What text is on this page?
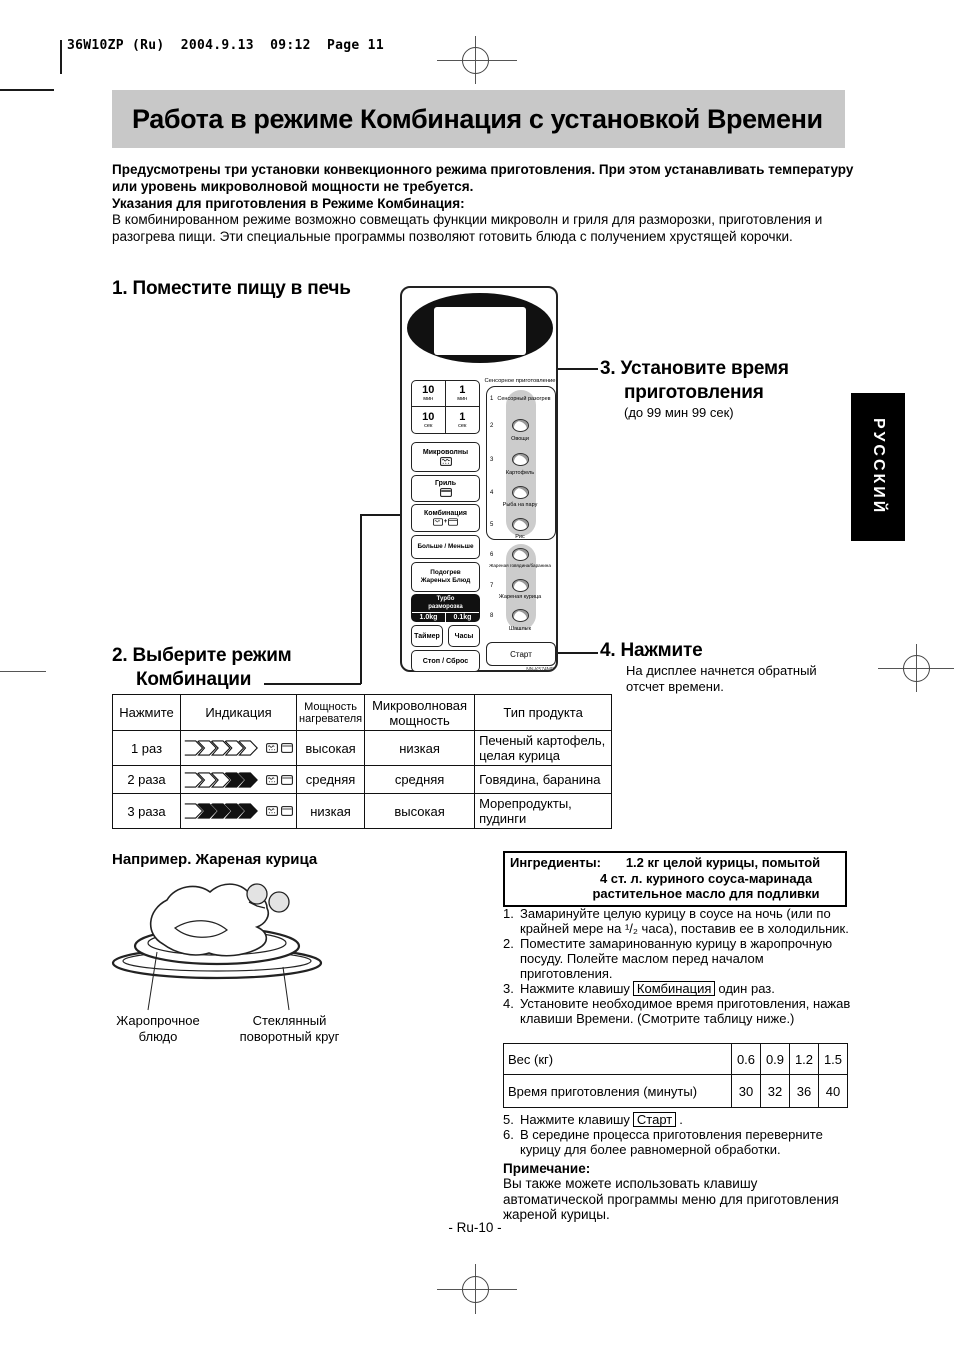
36W10ZP (Ru)  2004.9.13  09:12  Page 11
Работа в режиме Комбинация с установкой Времени

Предусмотрены три установки конвекционного режима приготовления. При этом устанавливать температуру или уровень микроволновой мощности не требуется.

Указания для приготовления в Режиме Комбинация:

В комбинированном режиме возможно совмещать функции микроволн и гриля для разморозки, приготовления и разогрева пищи. Эти специальные программы позволяют готовить блюда с получением хрустящей корочки.

1. Поместите пищу в печь
3. Установите время
приготовления
(до 99 мин 99 сек)
2. Выберите режим
Комбинации
4. Нажмите
На дисплее начнется обратный
отсчет времени.
10
мин
1
мин
10
сек
1
сек
Микроволны
Гриль
Комбинация
+
Больше / Меньше
Подогрев
Жареных Блюд
Турбо
разморозка
1.0kg	0.1kg
Таймер Часы
Стоп / Сброс
Сенсорное приготовление
1 Сенсорный разогрев
2
Овощи
3
Картофель
4
Рыба на пару
5
Рис
6
Жареная говядина/баранина
7
Жареная курица
8
Шашлык
Старт
NN-K574MF
РУССКИЙ
Нажмите	Индикация	Мощность нагревателя	Микроволновая мощность	Тип продукта
1 раз		высокая	низкая	Печеный картофель, целая курица
2 раза		средняя	средняя	Говядина, баранина
3 раза		низкая	высокая	Морепродукты, пудинги
Например. Жареная курица
Жаропрочное блюдо
Стеклянный поворотный круг
Ингредиенты:	1.2 кг целой курицы, помытой
4 ст. л. куриного соуса-маринада
растительное масло для подливки
1. Замаринуйте целую курицу в соусе на ночь (или по крайней мере на ¹/₂ часа), поставив ее в холодильник.
2. Поместите замаринованную курицу в жаропрочную посуду. Полейте маслом перед началом приготовления.
3. Нажмите клавишу Комбинация один раз.
4. Установите необходимое время приготовления, нажав клавиши Времени. (Смотрите таблицу ниже.)
Вес (кг)	0.6	0.9	1.2	1.5
Время приготовления (минуты)	30	32	36	40
5. Нажмите клавишу Старт .
6. В середине процесса приготовления переверните курицу для более равномерной обработки.
Примечание:
Вы также можете использовать клавишу автоматической программы меню для приготовления жареной курицы.
- Ru-10 -
